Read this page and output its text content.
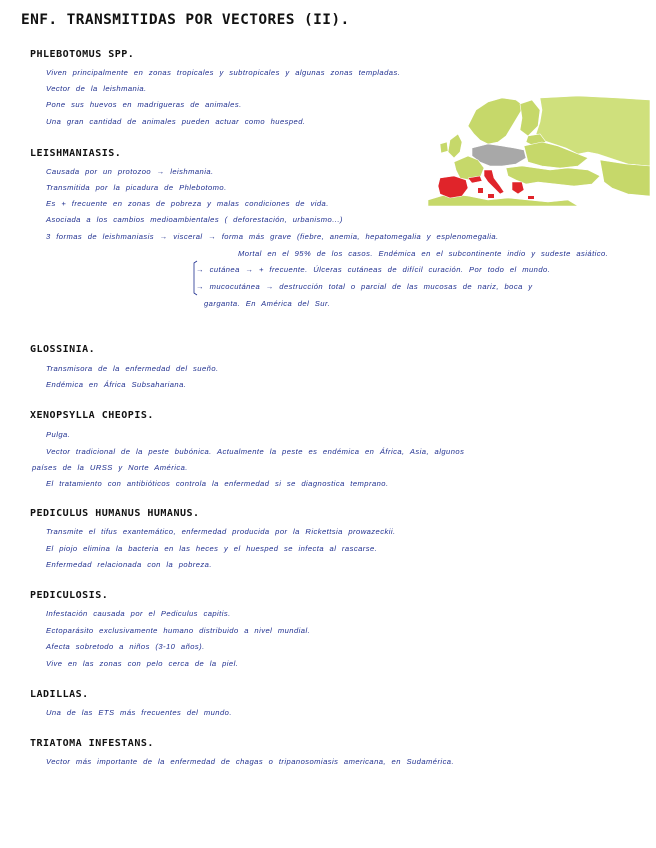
ENF. TRANSMITIDAS POR VECTORES (II).
PHLEBOTOMUS SPP.
Viven principalmente en zonas tropicales y subtropicales y algunas zonas templadas.
Vector de la leishmania.
Pone sus huevos en madrigueras de animales.
Una gran cantidad de animales pueden actuar como huesped.
LEISHMANIASIS.
Causada por un protozoo → leishmania.
Transmitida por la picadura de Phlebotomo.
Es + frecuente en zonas de pobreza y malas condiciones de vida.
Asociada a los cambios medioambientales ( deforestación, urbanismo...)
3 formas de leishmaniasis → visceral → forma más grave (fiebre, anemia, hepatomegalia y esplenomegalia.
Mortal en el 95% de los casos. Endémica en el subcontinente indio y sudeste asiático.
→ cutánea → + frecuente. Úlceras cutáneas de difícil curación. Por todo el mundo.
→ mucocutánea → destrucción total o parcial de las mucosas de nariz, boca y
garganta. En América del Sur.
GLOSSINIA.
Transmisora de la enfermedad del sueño.
Endémica en África Subsahariana.
XENOPSYLLA CHEOPIS.
Pulga.
Vector tradicional de la peste bubónica. Actualmente la peste es endémica en África, Asia, algunos
países de la URSS y Norte América.
El tratamiento con antibióticos controla la enfermedad si se diagnostica temprano.
PEDICULUS HUMANUS HUMANUS.
Transmite el tifus exantemático, enfermedad producida por la Rickettsia prowazeckii.
El piojo elimina la bacteria en las heces y el huesped se infecta al rascarse.
Enfermedad relacionada con la pobreza.
PEDICULOSIS.
Infestación causada por el Pediculus capitis.
Ectoparásito exclusivamente humano distribuido a nivel mundial.
Afecta sobretodo a niños (3-10 años).
Vive en las zonas con pelo cerca de la piel.
LADILLAS.
Una de las ETS más frecuentes del mundo.
TRIATOMA INFESTANS.
Vector más importante de la enfermedad de chagas o tripanosomiasis americana, en Sudamérica.
